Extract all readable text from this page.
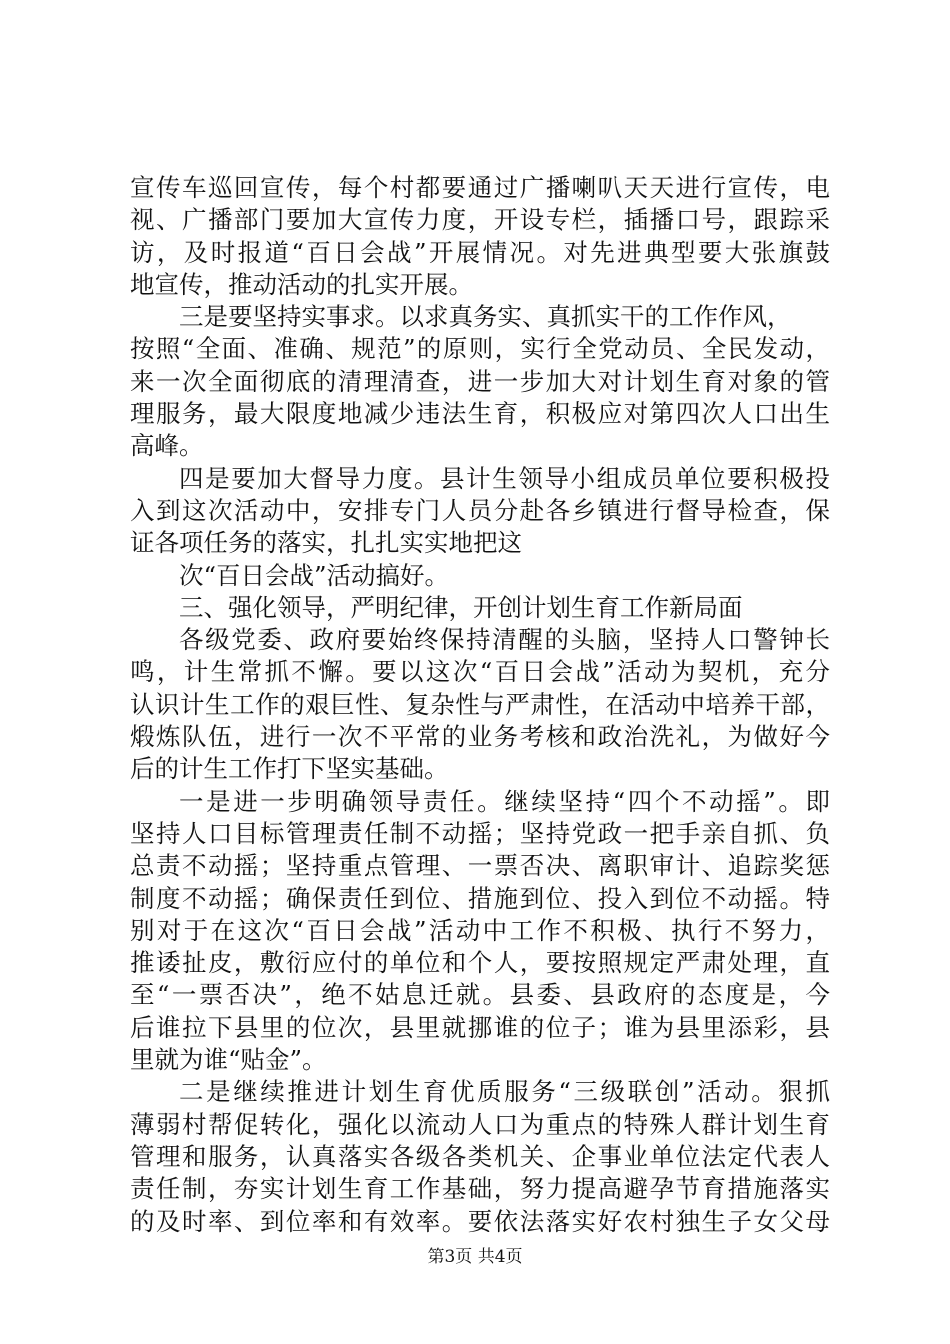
宣传车巡回宣传，每个村都要通过广播喇叭天天进行宣传，电
视、广播部门要加大宣传力度，开设专栏，插播口号，跟踪采
访，及时报道“百日会战”开展情况。对先进典型要大张旗鼓
地宣传，推动活动的扎实开展。
三是要坚持实事求。以求真务实、真抓实干的工作作风，
按照“全面、准确、规范”的原则，实行全党动员、全民发动，
来一次全面彻底的清理清查，进一步加大对计划生育对象的管
理服务，最大限度地减少违法生育，积极应对第四次人口出生
高峰。
四是要加大督导力度。县计生领导小组成员单位要积极投
入到这次活动中，安排专门人员分赴各乡镇进行督导检查，保
证各项任务的落实，扎扎实实地把这
次“百日会战”活动搞好。
三、强化领导，严明纪律，开创计划生育工作新局面
各级党委、政府要始终保持清醒的头脑，坚持人口警钟长
鸣，计生常抓不懈。要以这次“百日会战”活动为契机，充分
认识计生工作的艰巨性、复杂性与严肃性，在活动中培养干部，
煅炼队伍，进行一次不平常的业务考核和政治洗礼，为做好今
后的计生工作打下坚实基础。
一是进一步明确领导责任。继续坚持“四个不动摇”。即
坚持人口目标管理责任制不动摇；坚持党政一把手亲自抓、负
总责不动摇；坚持重点管理、一票否决、离职审计、追踪奖惩
制度不动摇；确保责任到位、措施到位、投入到位不动摇。特
别对于在这次“百日会战”活动中工作不积极、执行不努力，
推诿扯皮，敷衍应付的单位和个人，要按照规定严肃处理，直
至“一票否决”，绝不姑息迁就。县委、县政府的态度是，今
后谁拉下县里的位次，县里就挪谁的位子；谁为县里添彩，县
里就为谁“贴金”。
二是继续推进计划生育优质服务“三级联创”活动。狠抓
薄弱村帮促转化，强化以流动人口为重点的特殊人群计划生育
管理和服务，认真落实各级各类机关、企事业单位法定代表人
责任制，夯实计划生育工作基础，努力提高避孕节育措施落实
的及时率、到位率和有效率。要依法落实好农村独生子女父母
第3页 共4页
